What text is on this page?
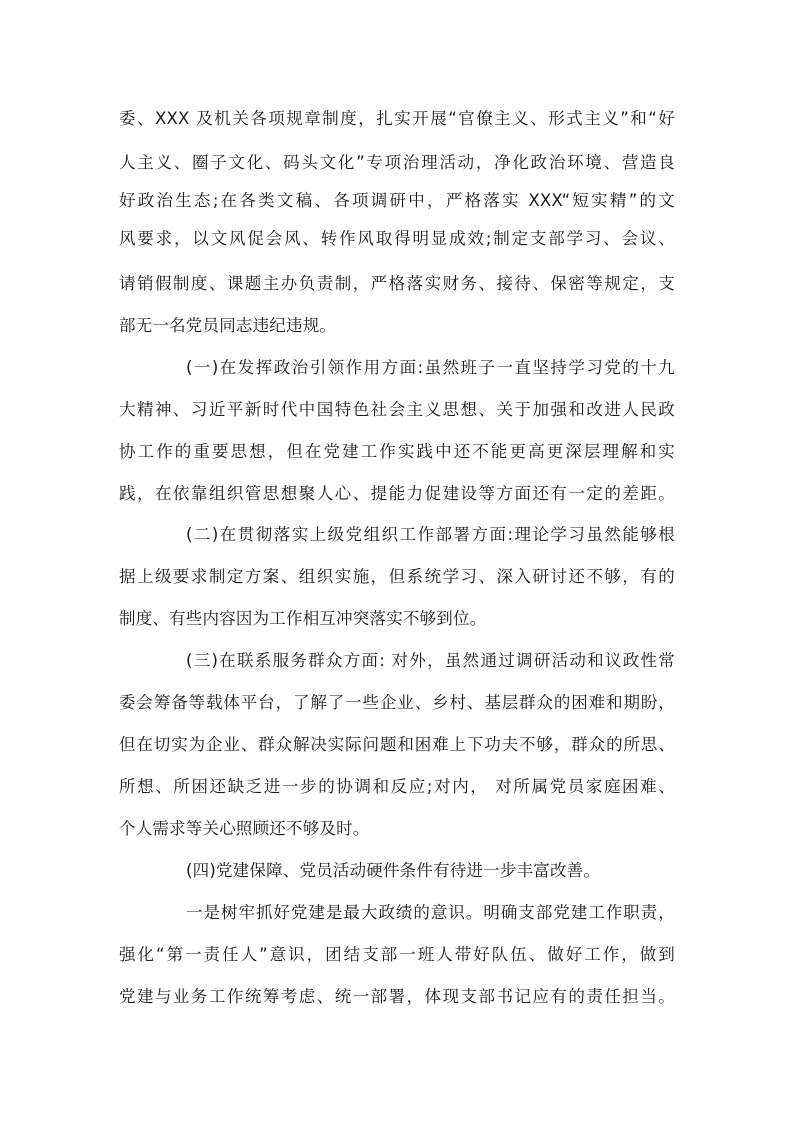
委、XXX 及机关各项规章制度，扎实开展“官僚主义、形式主义”和“好
人主义、圈子文化、码头文化”专项治理活动，净化政治环境、营造良
好政治生态;在各类文稿、各项调研中，严格落实 XXX“短实精”的文
风要求，以文风促会风、转作风取得明显成效;制定支部学习、会议、
请销假制度、课题主办负责制，严格落实财务、接待、保密等规定，支
部无一名党员同志违纪违规。
(一)在发挥政治引领作用方面:虽然班子一直坚持学习党的十九
大精神、习近平新时代中国特色社会主义思想、关于加强和改进人民政
协工作的重要思想，但在党建工作实践中还不能更高更深层理解和实
践，在依靠组织管思想聚人心、提能力促建设等方面还有一定的差距。
(二)在贯彻落实上级党组织工作部署方面:理论学习虽然能够根
据上级要求制定方案、组织实施，但系统学习、深入研讨还不够，有的
制度、有些内容因为工作相互冲突落实不够到位。
(三)在联系服务群众方面: 对外，虽然通过调研活动和议政性常
委会筹备等载体平台，了解了一些企业、乡村、基层群众的困难和期盼，
但在切实为企业、群众解决实际问题和困难上下功夫不够，群众的所思、
所想、所困还缺乏进一步的协调和反应;对内， 对所属党员家庭困难、
个人需求等关心照顾还不够及时。
(四)党建保障、党员活动硬件条件有待进一步丰富改善。
一是树牢抓好党建是最大政绩的意识。明确支部党建工作职责，
强化“第一责任人”意识，团结支部一班人带好队伍、做好工作，做到
党建与业务工作统筹考虑、统一部署，体现支部书记应有的责任担当。
